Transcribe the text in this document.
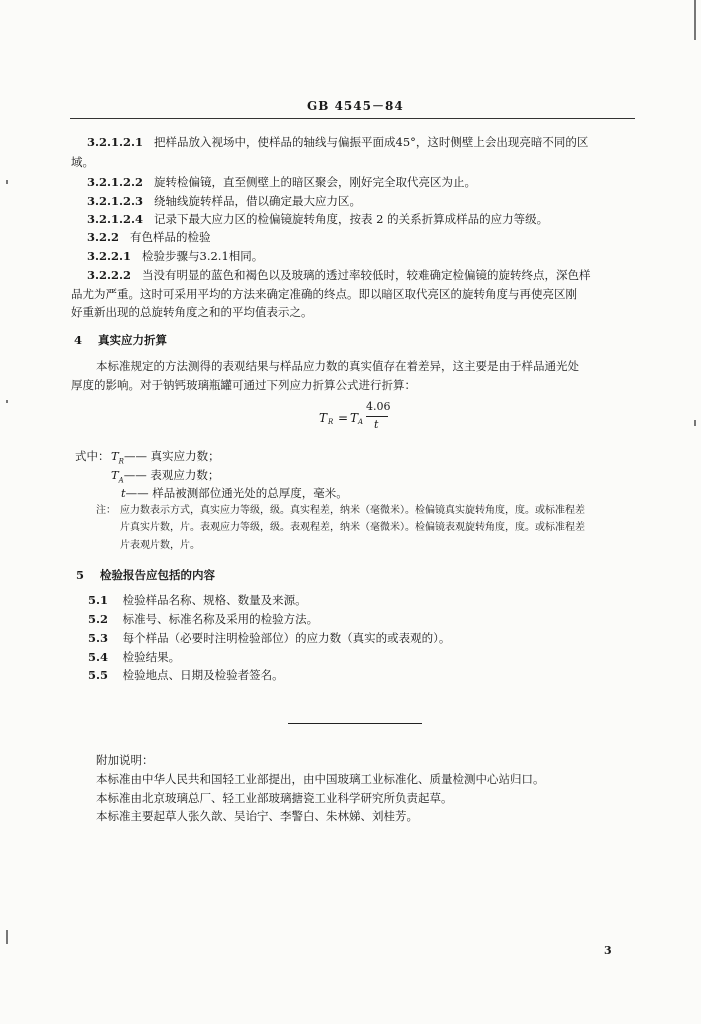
GB 4545－84
3.2.1.2.1 把样品放入视场中，使样品的轴线与偏振平面成45°，这时侧壁上会出现亮暗不同的区
域。
3.2.1.2.2 旋转检偏镜，直至侧壁上的暗区聚会，刚好完全取代亮区为止。
3.2.1.2.3 绕轴线旋转样品，借以确定最大应力区。
3.2.1.2.4 记录下最大应力区的检偏镜旋转角度，按表 2 的关系折算成样品的应力等级。
3.2.2 有色样品的检验
3.2.2.1 检验步骤与3.2.1相同。
3.2.2.2 当没有明显的蓝色和褐色以及玻璃的透过率较低时，较难确定检偏镜的旋转终点，深色样
品尤为严重。这时可采用平均的方法来确定准确的终点。即以暗区取代亮区的旋转角度与再使亮区刚
好重新出现的总旋转角度之和的平均值表示之。
4 真实应力折算
本标准规定的方法测得的表观结果与样品应力数的真实值存在着差异，这主要是由于样品通光处
厚度的影响。对于钠钙玻璃瓶罐可通过下列应力折算公式进行折算：
T R = T A
4.06
t
式中： $T_R——$ 真实应力数；
$T_A——$ 表观应力数；
t—— 样品被测部位通光处的总厚度，毫米。
注： 应力数表示方式，真实应力等级，级。真实程差，纳米（毫微米）。检偏镜真实旋转角度，度。或标准程差
片真实片数，片。表观应力等级，级。表观程差，纳米（毫微米）。检偏镜表观旋转角度，度。或标准程差
片表观片数，片。
5 检验报告应包括的内容
5.1 检验样品名称、规格、数量及来源。
5.2 标准号、标准名称及采用的检验方法。
5.3 每个样品（必要时注明检验部位）的应力数（真实的或表观的）。
5.4 检验结果。
5.5 检验地点、日期及检验者签名。
附加说明：
本标准由中华人民共和国轻工业部提出，由中国玻璃工业标准化、质量检测中心站归口。
本标准由北京玻璃总厂、轻工业部玻璃搪瓷工业科学研究所负责起草。
本标准主要起草人张久歆、吴诒宁、李警白、朱林娣、刘桂芳。
3
